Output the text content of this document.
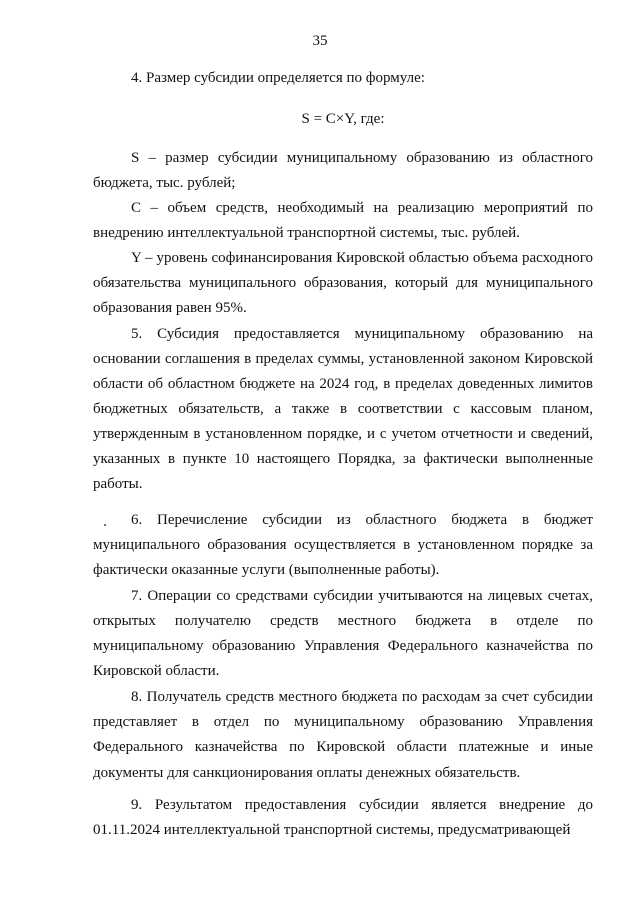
35

4. Размер субсидии определяется по формуле:

S = C×Y, где:

S – размер субсидии муниципальному образованию из областного бюджета, тыс. рублей;

С – объем средств, необходимый на реализацию мероприятий по внедрению интеллектуальной транспортной системы, тыс. рублей.

Y – уровень софинансирования Кировской областью объема расходного обязательства муниципального образования, который для муниципального образования равен 95%.

5. Субсидия предоставляется муниципальному образованию на основании соглашения в пределах суммы, установленной законом Кировской области об областном бюджете на 2024 год, в пределах доведенных лимитов бюджетных обязательств, а также в соответствии с кассовым планом, утвержденным в установленном порядке, и с учетом отчетности и сведений, указанных в пункте 10 настоящего Порядка, за фактически выполненные работы.

6. Перечисление субсидии из областного бюджета в бюджет муниципального образования осуществляется в установленном порядке за фактически оказанные услуги (выполненные работы).

7. Операции со средствами субсидии учитываются на лицевых счетах, открытых получателю средств местного бюджета в отделе по муниципальному образованию Управления Федерального казначейства по Кировской области.

8. Получатель средств местного бюджета по расходам за счет субсидии представляет в отдел по муниципальному образованию Управления Федерального казначейства по Кировской области платежные и иные документы для санкционирования оплаты денежных обязательств.

9. Результатом предоставления субсидии является внедрение до 01.11.2024 интеллектуальной транспортной системы, предусматривающей
